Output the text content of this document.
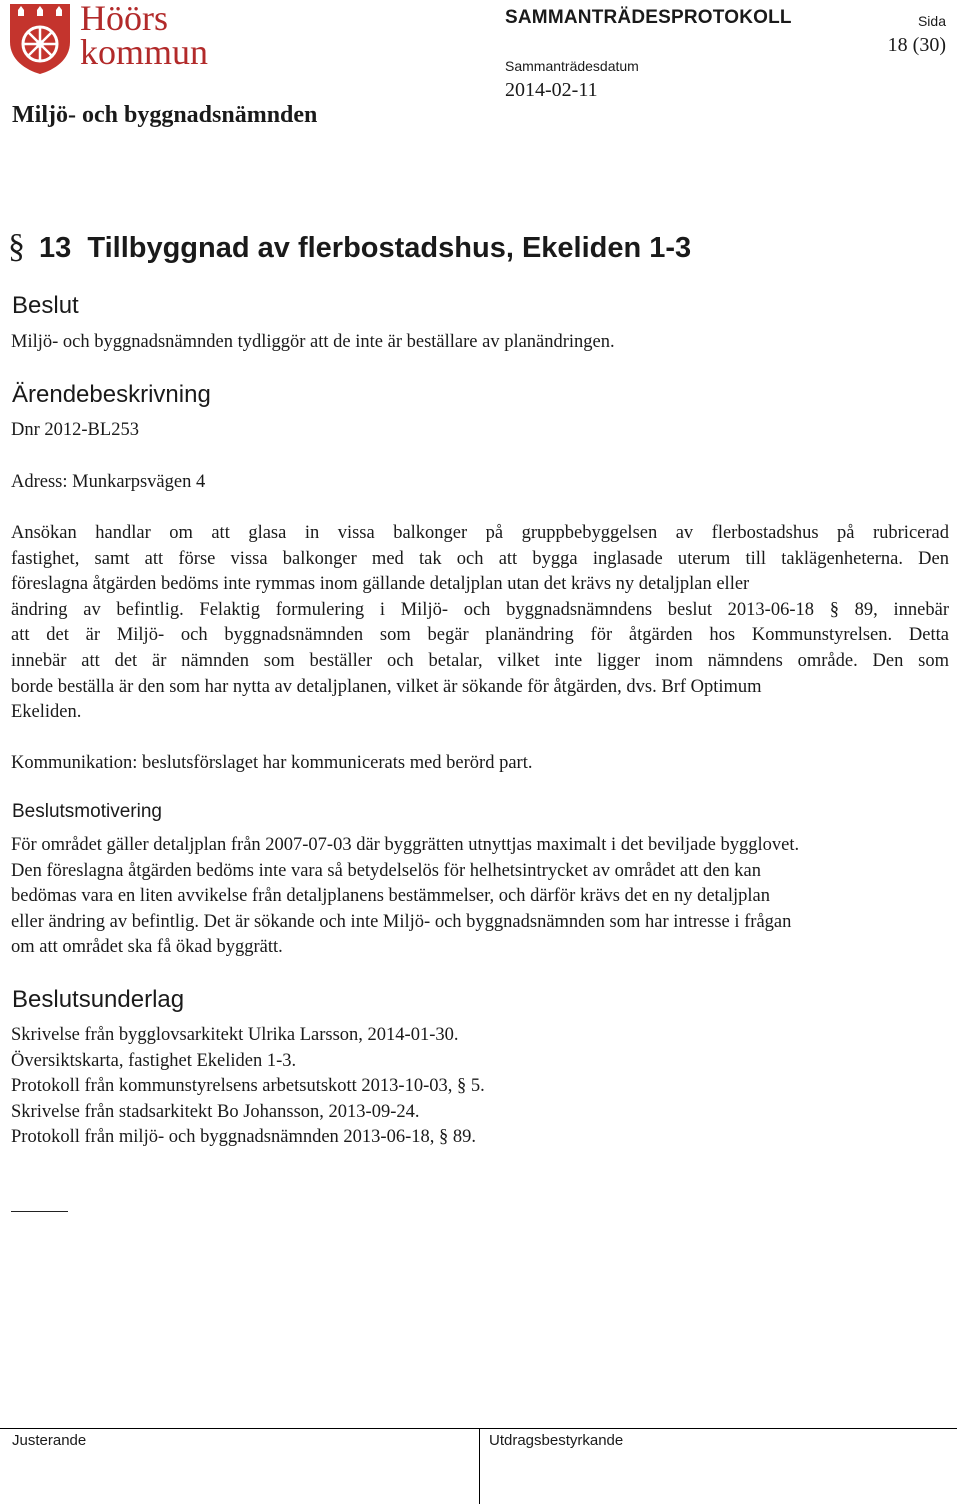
Höörs
kommun
Miljö- och byggnadsnämnden
SAMMANTRÄDESPROTOKOLL
Sammanträdesdatum
2014-02-11
Sida
18 (30)
§ 13 Tillbyggnad av flerbostadshus, Ekeliden 1-3
Beslut
Miljö- och byggnadsnämnden tydliggör att de inte är beställare av planändringen.
Ärendebeskrivning
Dnr 2012-BL253
Adress: Munkarpsvägen 4
Ansökan handlar om att glasa in vissa balkonger på gruppbebyggelsen av flerbostadshus på rubricerad
fastighet, samt att förse vissa balkonger med tak och att bygga inglasade uterum till taklägenheterna. Den
föreslagna åtgärden bedöms inte rymmas inom gällande detaljplan utan det krävs ny detaljplan eller
ändring av befintlig. Felaktig formulering i Miljö- och byggnadsnämndens beslut 2013-06-18 § 89, innebär
att det är Miljö- och byggnadsnämnden som begär planändring för åtgärden hos Kommunstyrelsen. Detta
innebär att det är nämnden som beställer och betalar, vilket inte ligger inom nämndens område. Den som
borde beställa är den som har nytta av detaljplanen, vilket är sökande för åtgärden, dvs. Brf Optimum
Ekeliden.
Kommunikation: beslutsförslaget har kommunicerats med berörd part.
Beslutsmotivering
För området gäller detaljplan från 2007-07-03 där byggrätten utnyttjas maximalt i det beviljade bygglovet.
Den föreslagna åtgärden bedöms inte vara så betydelselös för helhetsintrycket av området att den kan
bedömas vara en liten avvikelse från detaljplanens bestämmelser, och därför krävs det en ny detaljplan
eller ändring av befintlig. Det är sökande och inte Miljö- och byggnadsnämnden som har intresse i frågan
om att området ska få ökad byggrätt.
Beslutsunderlag
Skrivelse från bygglovsarkitekt Ulrika Larsson, 2014-01-30.
Översiktskarta, fastighet Ekeliden 1-3.
Protokoll från kommunstyrelsens arbetsutskott 2013-10-03, § 5.
Skrivelse från stadsarkitekt Bo Johansson, 2013-09-24.
Protokoll från miljö- och byggnadsnämnden 2013-06-18, § 89.
Justerande	Utdragsbestyrkande
